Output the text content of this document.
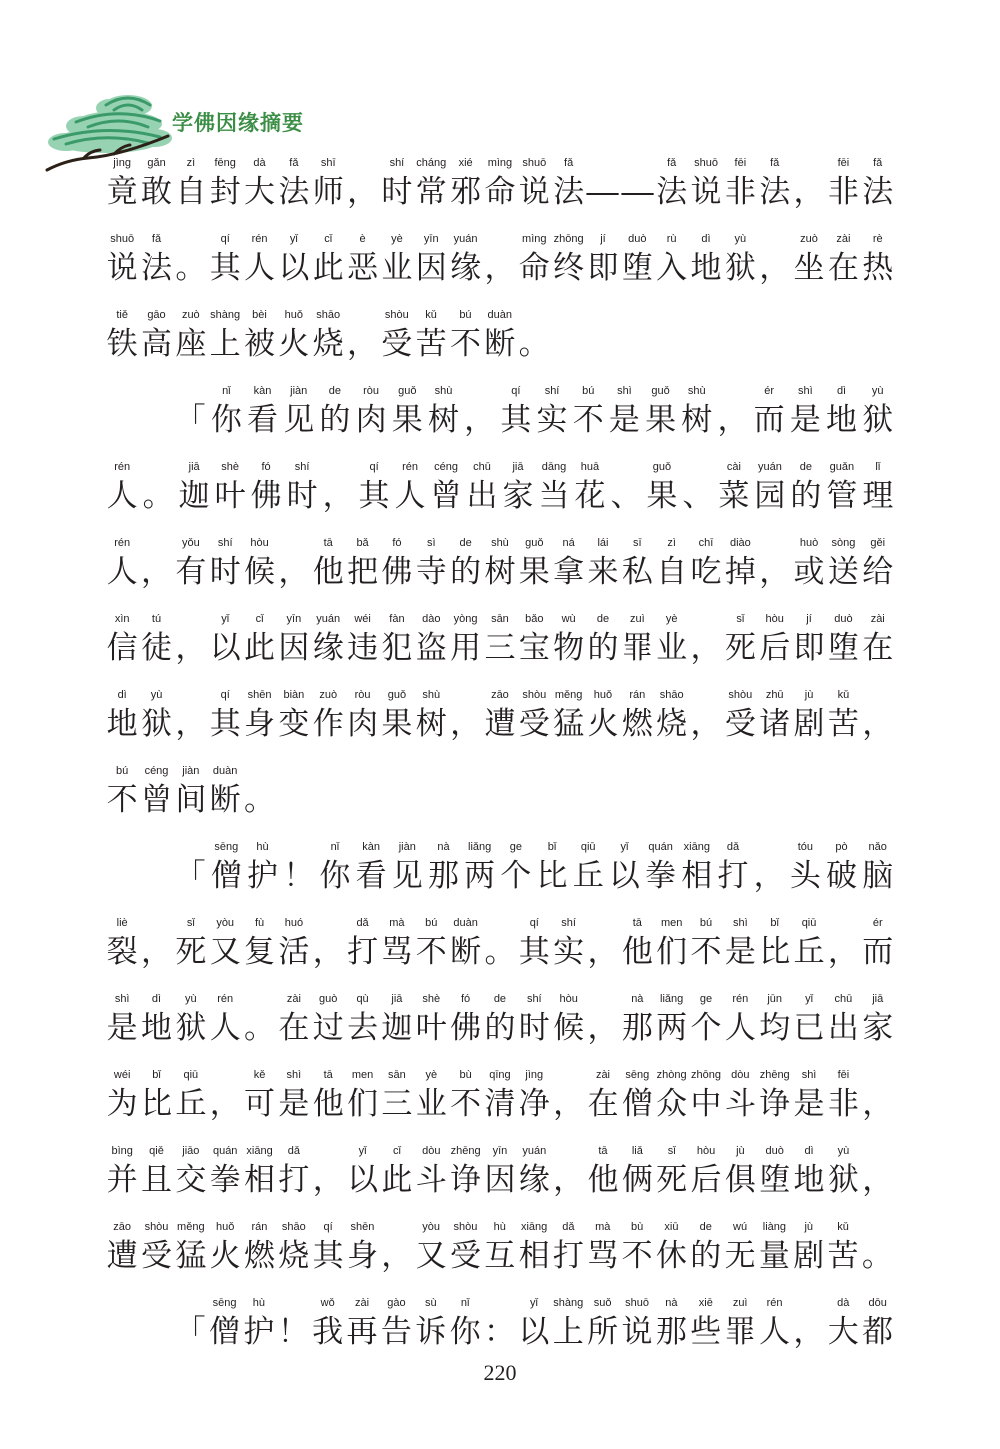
学佛因缘摘要
jìng
竟
gǎn
敢
zì
自
fēng
封
dà
大
fǎ
法
shī
师 ，
shí
时
cháng
常
xié
邪
mìng
命
shuō
说
fǎ
法 — —
fǎ
法
shuō
说
fēi
非
fǎ
法 ，
fēi
非
fǎ
法
shuō
说
fǎ
法 。
qí
其
rén
人
yǐ
以
cǐ
此
è
恶
yè
业
yīn
因
yuán
缘 ，
mìng
命
zhōng
终
jí
即
duò
堕
rù
入
dì
地
yù
狱 ，
zuò
坐
zài
在
rè
热
tiě
铁
gāo
高
zuò
座
shàng
上
bèi
被
huǒ
火
shāo
烧 ，
shòu
受
kǔ
苦
bú
不
duàn
断 。
「
nǐ
你
kàn
看
jiàn
见
de
的
ròu
肉
guǒ
果
shù
树 ，
qí
其
shí
实
bú
不
shì
是
guǒ
果
shù
树 ，
ér
而
shì
是
dì
地
yù
狱
rén
人 。
jiā
迦
shè
叶
fó
佛
shí
时 ，
qí
其
rén
人
céng
曾
chū
出
jiā
家
dāng
当
huā
花 、
guǒ
果 、
cài
菜
yuán
园
de
的
guǎn
管
lǐ
理
rén
人 ，
yǒu
有
shí
时
hòu
候 ，
tā
他
bǎ
把
fó
佛
sì
寺
de
的
shù
树
guǒ
果
ná
拿
lái
来
sī
私
zì
自
chī
吃
diào
掉 ，
huò
或
sòng
送
gěi
给
xìn
信
tú
徒 ，
yǐ
以
cǐ
此
yīn
因
yuán
缘
wéi
违
fàn
犯
dào
盗
yòng
用
sān
三
bǎo
宝
wù
物
de
的
zuì
罪
yè
业 ，
sǐ
死
hòu
后
jí
即
duò
堕
zài
在
dì
地
yù
狱 ，
qí
其
shēn
身
biàn
变
zuò
作
ròu
肉
guǒ
果
shù
树 ，
zāo
遭
shòu
受
měng
猛
huǒ
火
rán
燃
shāo
烧 ，
shòu
受
zhū
诸
jù
剧
kǔ
苦 ，
bú
不
céng
曾
jiàn
间
duàn
断 。
「
sēng
僧
hù
护 ！
nǐ
你
kàn
看
jiàn
见
nà
那
liǎng
两
ge
个
bǐ
比
qiū
丘
yǐ
以
quán
拳
xiāng
相
dǎ
打 ，
tóu
头
pò
破
nǎo
脑
liè
裂 ，
sǐ
死
yòu
又
fù
复
huó
活 ，
dǎ
打
mà
骂
bú
不
duàn
断 。
qí
其
shí
实 ，
tā
他
men
们
bú
不
shì
是
bǐ
比
qiū
丘 ，
ér
而
shì
是
dì
地
yù
狱
rén
人 。
zài
在
guò
过
qù
去
jiā
迦
shè
叶
fó
佛
de
的
shí
时
hòu
候 ，
nà
那
liǎng
两
ge
个
rén
人
jūn
均
yǐ
已
chū
出
jiā
家
wéi
为
bǐ
比
qiū
丘 ，
kě
可
shì
是
tā
他
men
们
sān
三
yè
业
bù
不
qīng
清
jìng
净 ，
zài
在
sēng
僧
zhòng
众
zhōng
中
dòu
斗
zhēng
诤
shì
是
fēi
非 ，
bìng
并
qiě
且
jiāo
交
quán
拳
xiāng
相
dǎ
打 ，
yǐ
以
cǐ
此
dòu
斗
zhēng
诤
yīn
因
yuán
缘 ，
tā
他
liǎ
俩
sǐ
死
hòu
后
jù
俱
duò
堕
dì
地
yù
狱 ，
zāo
遭
shòu
受
měng
猛
huǒ
火
rán
燃
shāo
烧
qí
其
shēn
身 ，
yòu
又
shòu
受
hù
互
xiāng
相
dǎ
打
mà
骂
bù
不
xiū
休
de
的
wú
无
liàng
量
jù
剧
kǔ
苦 。
「
sēng
僧
hù
护 ！
wǒ
我
zài
再
gào
告
sù
诉
nǐ
你 ：
yǐ
以
shàng
上
suǒ
所
shuō
说
nà
那
xiē
些
zuì
罪
rén
人 ，
dà
大
dōu
都
220
